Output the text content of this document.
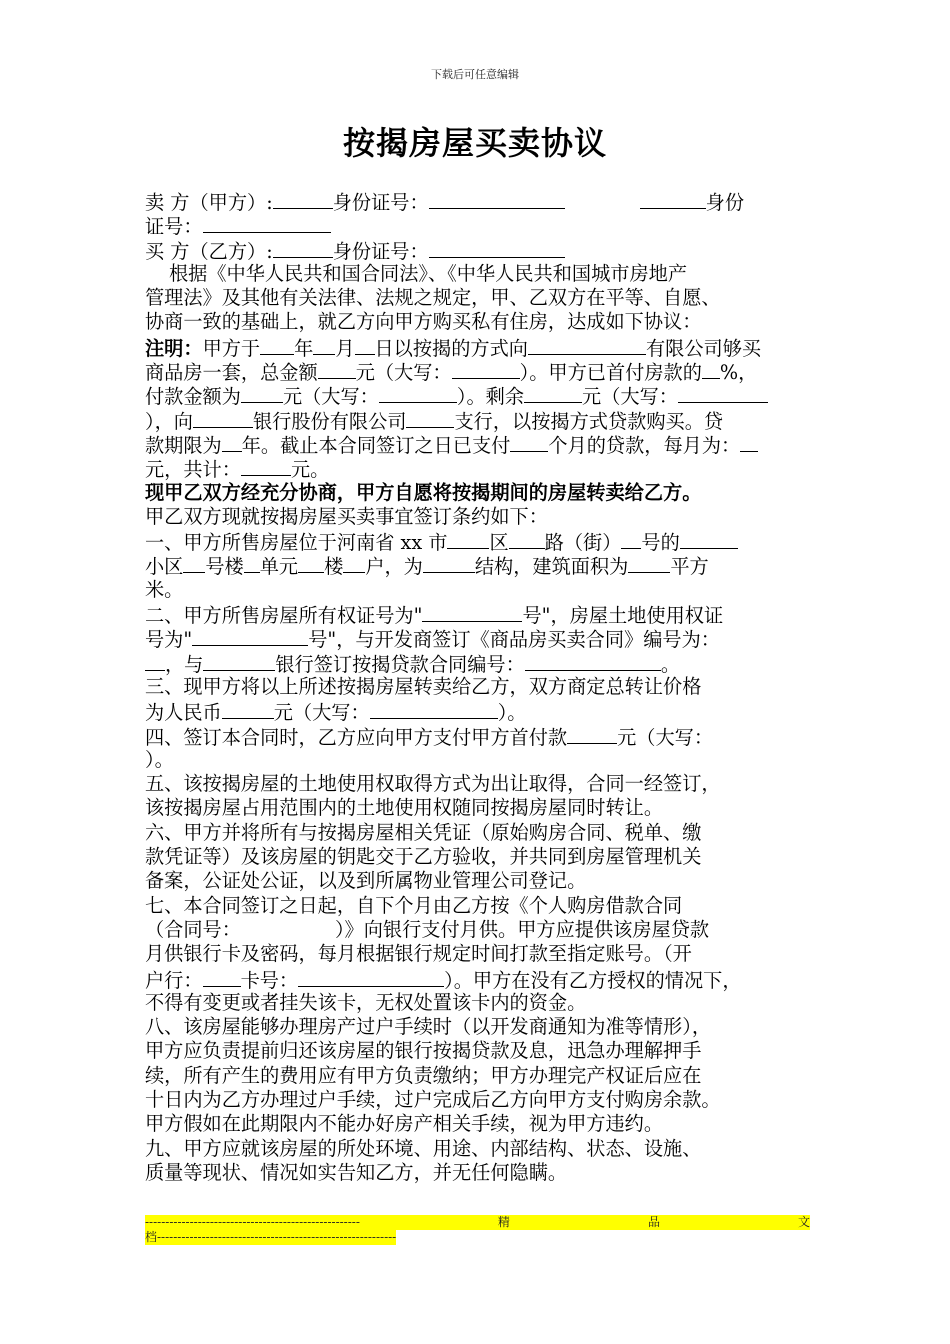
下载后可任意编辑
按揭房屋买卖协议
卖 方（甲方）:	身份证号：	身份
证号：
买 方（乙方）:	身份证号：
根据《中华人民共和国合同法》、《中华人民共和国城市房地产
管理法》及其他有关法律、法规之规定，甲、乙双方在平等、自愿、
协商一致的基础上，就乙方向甲方购买私有住房，达成如下协议：
注明：甲方于 年 月 日以按揭的方式向	有限公司够买
商品房一套，总金额 元（大写：	）。甲方已首付房款的 %，
付款金额为 元（大写：	）。剩余	元（大写：
），向	银行股份有限公司	支行，以按揭方式贷款购买。贷
款期限为 年。截止本合同签订之日已支付 个月的贷款，每月为：
元，共计：	元。
现甲乙双方经充分协商，甲方自愿将按揭期间的房屋转卖给乙方。
甲乙双方现就按揭房屋买卖事宜签订条约如下：
一、甲方所售房屋位于河南省 xx 市 区 路（街） 号的
小区 号楼 单元 楼 户，为	结构，建筑面积为 平方
米。
二、甲方所售房屋所有权证号为"	号"，房屋土地使用权证
号为"	号"，与开发商签订《商品房买卖合同》编号为：
，与	银行签订按揭贷款合同编号：	。
三、现甲方将以上所述按揭房屋转卖给乙方，双方商定总转让价格
为人民币	元（大写：	）。
四、签订本合同时，乙方应向甲方支付甲方首付款	元（大写：
）。
五、该按揭房屋的土地使用权取得方式为出让取得，合同一经签订，
该按揭房屋占用范围内的土地使用权随同按揭房屋同时转让。
六、甲方并将所有与按揭房屋相关凭证（原始购房合同、税单、缴
款凭证等）及该房屋的钥匙交于乙方验收，并共同到房屋管理机关
备案，公证处公证，以及到所属物业管理公司登记。
七、本合同签订之日起，自下个月由乙方按《个人购房借款合同
（合同号：	）》向银行支付月供。甲方应提供该房屋贷款
月供银行卡及密码，每月根据银行规定时间打款至指定账号。（开
户行： 卡号：	）。甲方在没有乙方授权的情况下，
不得有变更或者挂失该卡，无权处置该卡内的资金。
八、该房屋能够办理房产过户手续时（以开发商通知为准等情形），
甲方应负责提前归还该房屋的银行按揭贷款及息，迅急办理解押手
续，所有产生的费用应有甲方负责缴纳；甲方办理完产权证后应在
十日内为乙方办理过户手续，过户完成后乙方向甲方支付购房余款。
甲方假如在此期限内不能办好房产相关手续，视为甲方违约。
九、甲方应就该房屋的所处环境、用途、内部结构、状态、设施、
质量等现状、情况如实告知乙方，并无任何隐瞒。
-----------------------------------------------------	精	品	文
档-----------------------------------------------------------
